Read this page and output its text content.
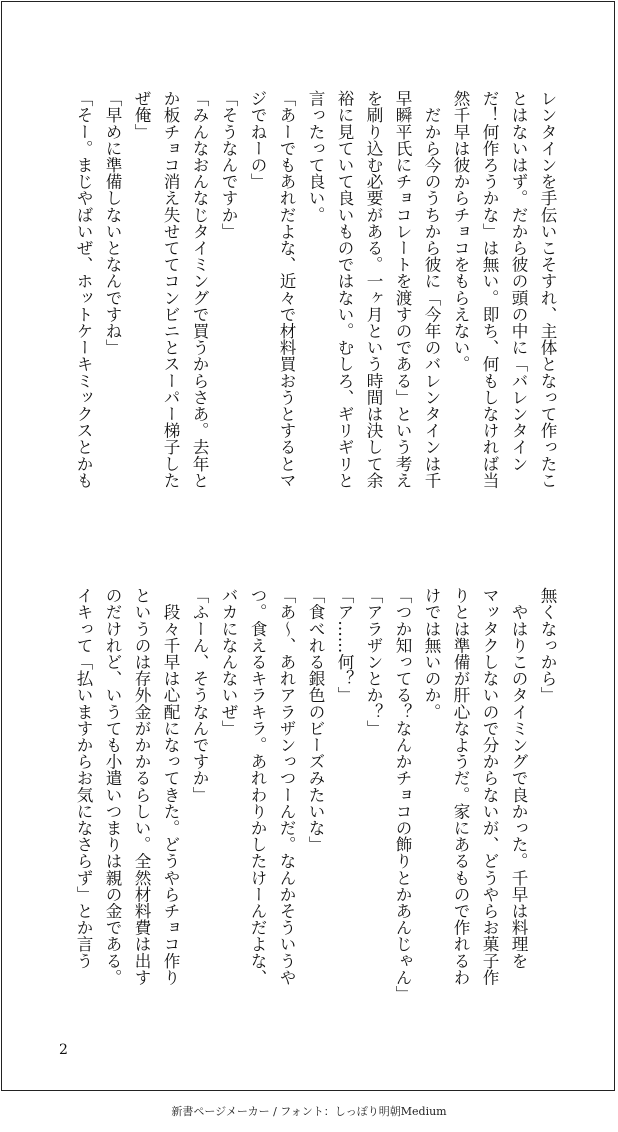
レンタインを手伝いこそすれ、主体となって作ったこ
とはないはず。だから彼の頭の中に「バレンタイン
だ！何作ろうかな」は無い。即ち、何もしなければ当
然千早は彼からチョコをもらえない。
　だから今のうちから彼に「今年のバレンタインは千
早瞬平氏にチョコレートを渡すのである」という考え
を刷り込む必要がある。一ヶ月という時間は決して余
裕に見ていて良いものではない。むしろ、ギリギリと
言ったって良い。
「あーでもあれだよな、近々で材料買おうとするとマ
ジでねーの」
「そうなんですか」
「みんなおんなじタイミングで買うからさあ。去年と
か板チョコ消え失せててコンビニとスーパー梯子した
ぜ俺」
「早めに準備しないとなんですね」
「そー。まじやばいぜ、ホットケーキミックスとかも
無くなっから」
　やはりこのタイミングで良かった。千早は料理を
マッタクしないので分からないが、どうやらお菓子作
りとは準備が肝心なようだ。家にあるもので作れるわ
けでは無いのか。
「つか知ってる？なんかチョコの飾りとかあんじゃん」
「アラザンとか？」
「ア……何？」
「食べれる銀色のビーズみたいな」
「あ〜、あれアラザンっつーんだ。なんかそういうや
つ。食えるキラキラ。あれわりかしたけーんだよな、
バカになんないぜ」
「ふーん、そうなんですか」
　段々千早は心配になってきた。どうやらチョコ作り
というのは存外金がかかるらしい。全然材料費は出す
のだけれど、いうても小遣いつまりは親の金である。
イキって「払いますからお気になさらず」とか言う
2
新書ページメーカー / フォント：しっぽり明朝Medium
